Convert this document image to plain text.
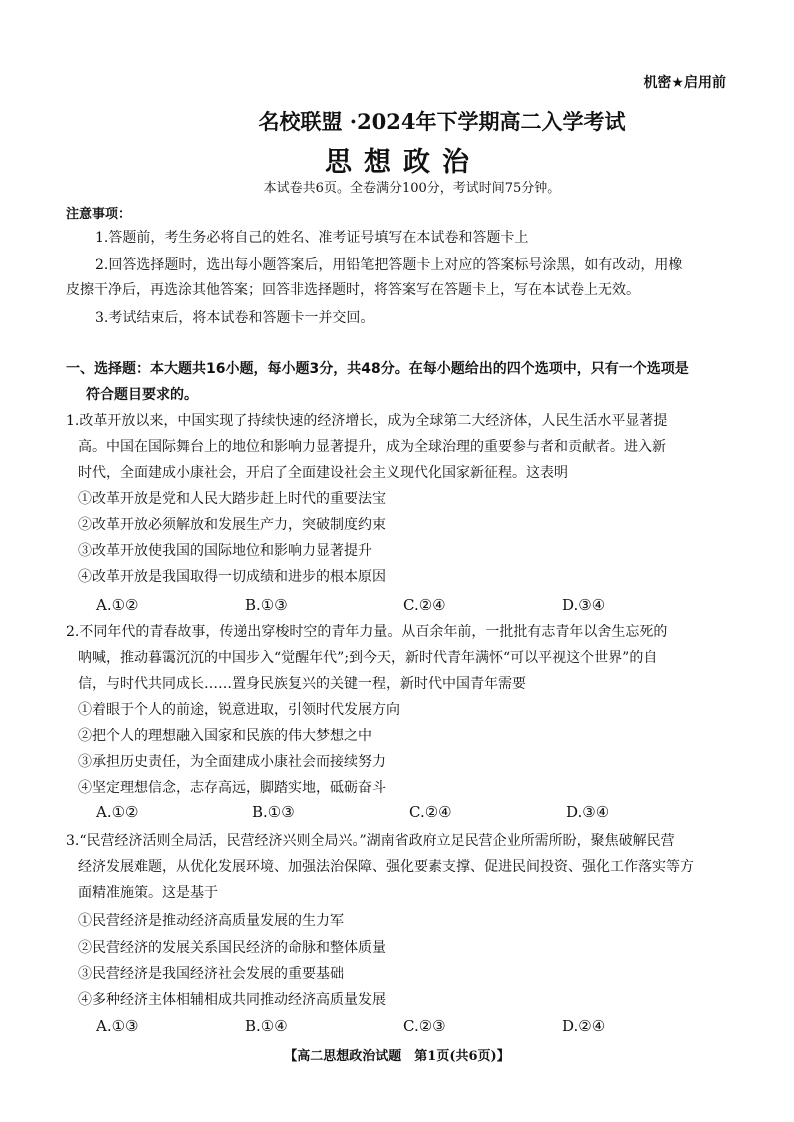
机密★启用前
名校联盟 ·2024年下学期高二入学考试
思想政治
本试卷共6页。全卷满分100分，考试时间75分钟。
注意事项：
1.答题前，考生务必将自己的姓名、准考证号填写在本试卷和答题卡上
2.回答选择题时，选出每小题答案后，用铅笔把答题卡上对应的答案标号涂黑，如有改动，用橡
皮擦干净后，再选涂其他答案；回答非选择题时，将答案写在答题卡上，写在本试卷上无效。
3.考试结束后，将本试卷和答题卡一并交回。
一、选择题：本大题共16小题，每小题3分，共48分。在每小题给出的四个选项中，只有一个选项是
符合题目要求的。
1.改革开放以来，中国实现了持续快速的经济增长，成为全球第二大经济体，人民生活水平显著提
高。中国在国际舞台上的地位和影响力显著提升，成为全球治理的重要参与者和贡献者。进入新
时代，全面建成小康社会，开启了全面建设社会主义现代化国家新征程。这表明
①改革开放是党和人民大踏步赶上时代的重要法宝
②改革开放必须解放和发展生产力，突破制度约束
③改革开放使我国的国际地位和影响力显著提升
④改革开放是我国取得一切成绩和进步的根本原因
A.①②	B.①③	C.②④	D.③④
2.不同年代的青春故事，传递出穿梭时空的青年力量。从百余年前，一批批有志青年以舍生忘死的
呐喊，推动暮霭沉沉的中国步入“觉醒年代”;到今天，新时代青年满怀“可以平视这个世界”的自
信，与时代共同成长……置身民族复兴的关键一程，新时代中国青年需要
①着眼于个人的前途，锐意进取，引领时代发展方向
②把个人的理想融入国家和民族的伟大梦想之中
③承担历史责任，为全面建成小康社会而接续努力
④坚定理想信念，志存高远，脚踏实地，砥砺奋斗
A.①②	B.①③	C.②④	D.③④
3.“民营经济活则全局活，民营经济兴则全局兴。”湖南省政府立足民营企业所需所盼，聚焦破解民营
经济发展难题，从优化发展环境、加强法治保障、强化要素支撑、促进民间投资、强化工作落实等方
面精准施策。这是基于
①民营经济是推动经济高质量发展的生力军
②民营经济的发展关系国民经济的命脉和整体质量
③民营经济是我国经济社会发展的重要基础
④多种经济主体相辅相成共同推动经济高质量发展
A.①③	B.①④	C.②③	D.②④
【高二思想政治试题　第1页(共6页)】
